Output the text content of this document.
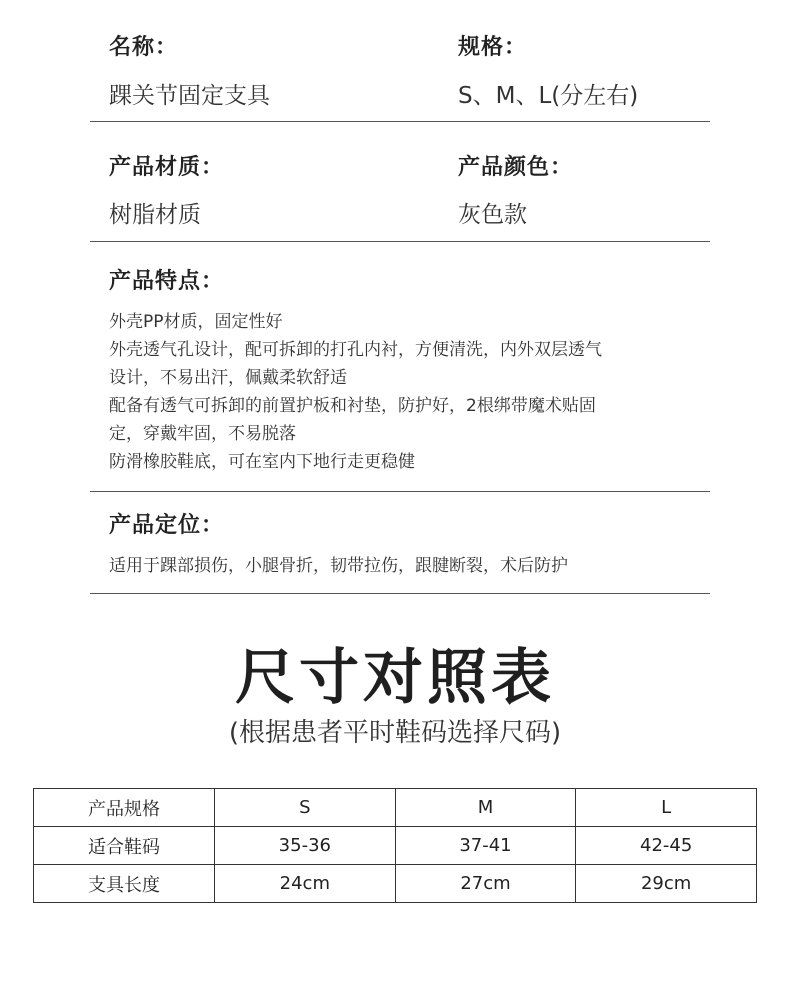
名称：
踝关节固定支具
规格：
S、M、L(分左右)
产品材质：
树脂材质
产品颜色：
灰色款
产品特点：
外壳PP材质，固定性好
外壳透气孔设计，配可拆卸的打孔内衬，方便清洗，内外双层透气
设计，不易出汗，佩戴柔软舒适
配备有透气可拆卸的前置护板和衬垫，防护好，2根绑带魔术贴固
定，穿戴牢固，不易脱落
防滑橡胶鞋底，可在室内下地行走更稳健
产品定位：
适用于踝部损伤，小腿骨折，韧带拉伤，跟腱断裂，术后防护
尺寸对照表
(根据患者平时鞋码选择尺码)
产品规格	S	M	L
适合鞋码	35-36	37-41	42-45
支具长度	24cm	27cm	29cm
